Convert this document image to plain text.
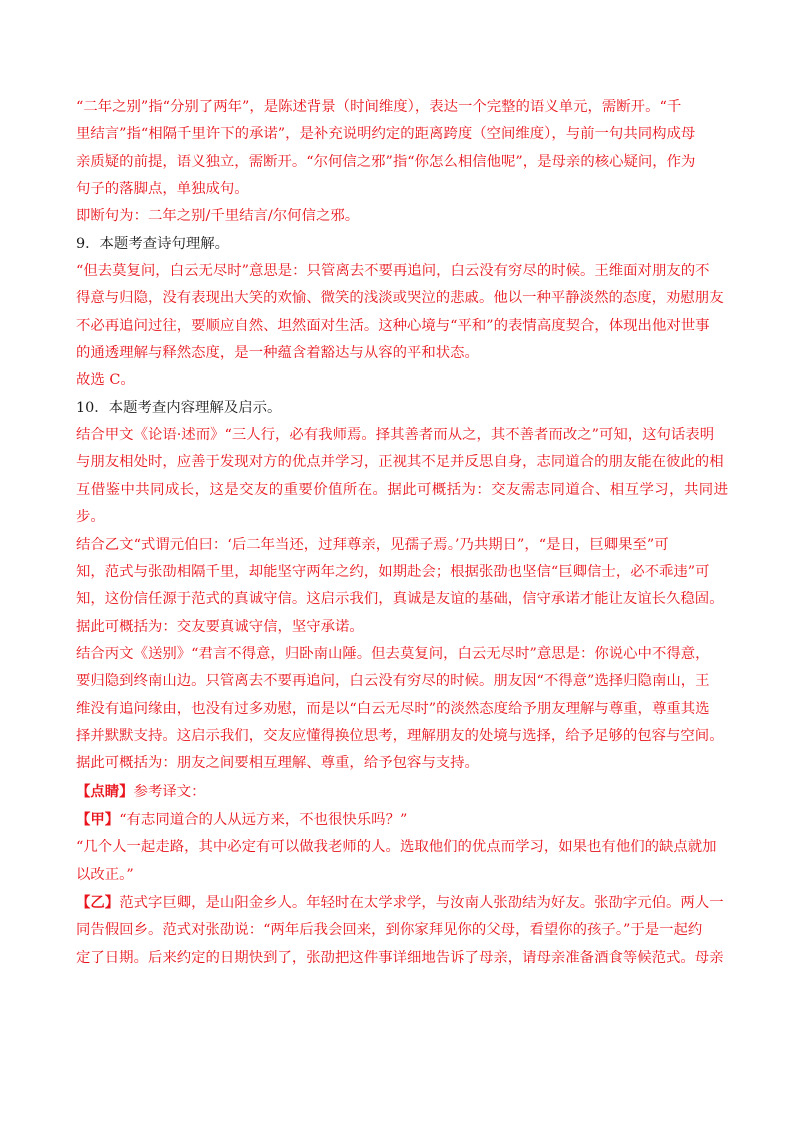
“二年之别”指“分别了两年”，是陈述背景（时间维度），表达一个完整的语义单元，需断开。“千

里结言”指“相隔千里许下的承诺”，是补充说明约定的距离跨度（空间维度），与前一句共同构成母

亲质疑的前提，语义独立，需断开。“尔何信之邪”指“你怎么相信他呢”，是母亲的核心疑问，作为

句子的落脚点，单独成句。

即断句为：二年之别/千里结言/尔何信之邪。

9．本题考查诗句理解。

“但去莫复问，白云无尽时”意思是：只管离去不要再追问，白云没有穷尽的时候。王维面对朋友的不

得意与归隐，没有表现出大笑的欢愉、微笑的浅淡或哭泣的悲戚。他以一种平静淡然的态度，劝慰朋友

不必再追问过往，要顺应自然、坦然面对生活。这种心境与“平和”的表情高度契合，体现出他对世事

的通透理解与释然态度，是一种蕴含着豁达与从容的平和状态。

故选 C。

10．本题考查内容理解及启示。

结合甲文《论语·述而》“三人行，必有我师焉。择其善者而从之，其不善者而改之”可知，这句话表明

与朋友相处时，应善于发现对方的优点并学习，正视其不足并反思自身，志同道合的朋友能在彼此的相

互借鉴中共同成长，这是交友的重要价值所在。据此可概括为：交友需志同道合、相互学习，共同进步。

结合乙文“式谓元伯曰：‘后二年当还，过拜尊亲，见孺子焉。’乃共期日”，“是日，巨卿果至”可

知，范式与张劭相隔千里，却能坚守两年之约，如期赴会；根据张劭也坚信“巨卿信士，必不乖违”可

知，这份信任源于范式的真诚守信。这启示我们，真诚是友谊的基础，信守承诺才能让友谊长久稳固。

据此可概括为：交友要真诚守信，坚守承诺。

结合丙文《送别》“君言不得意，归卧南山陲。但去莫复问，白云无尽时”意思是：你说心中不得意，

要归隐到终南山边。只管离去不要再追问，白云没有穷尽的时候。朋友因“不得意”选择归隐南山，王

维没有追问缘由，也没有过多劝慰，而是以“白云无尽时”的淡然态度给予朋友理解与尊重，尊重其选

择并默默支持。这启示我们，交友应懂得换位思考，理解朋友的处境与选择，给予足够的包容与空间。

据此可概括为：朋友之间要相互理解、尊重，给予包容与支持。

【点睛】参考译文：

【甲】“有志同道合的人从远方来，不也很快乐吗？”

“几个人一起走路，其中必定有可以做我老师的人。选取他们的优点而学习，如果也有他们的缺点就加

以改正。”

【乙】范式字巨卿，是山阳金乡人。年轻时在太学求学，与汝南人张劭结为好友。张劭字元伯。两人一

同告假回乡。范式对张劭说：“两年后我会回来，到你家拜见你的父母，看望你的孩子。”于是一起约

定了日期。后来约定的日期快到了，张劭把这件事详细地告诉了母亲，请母亲准备酒食等候范式。母亲
